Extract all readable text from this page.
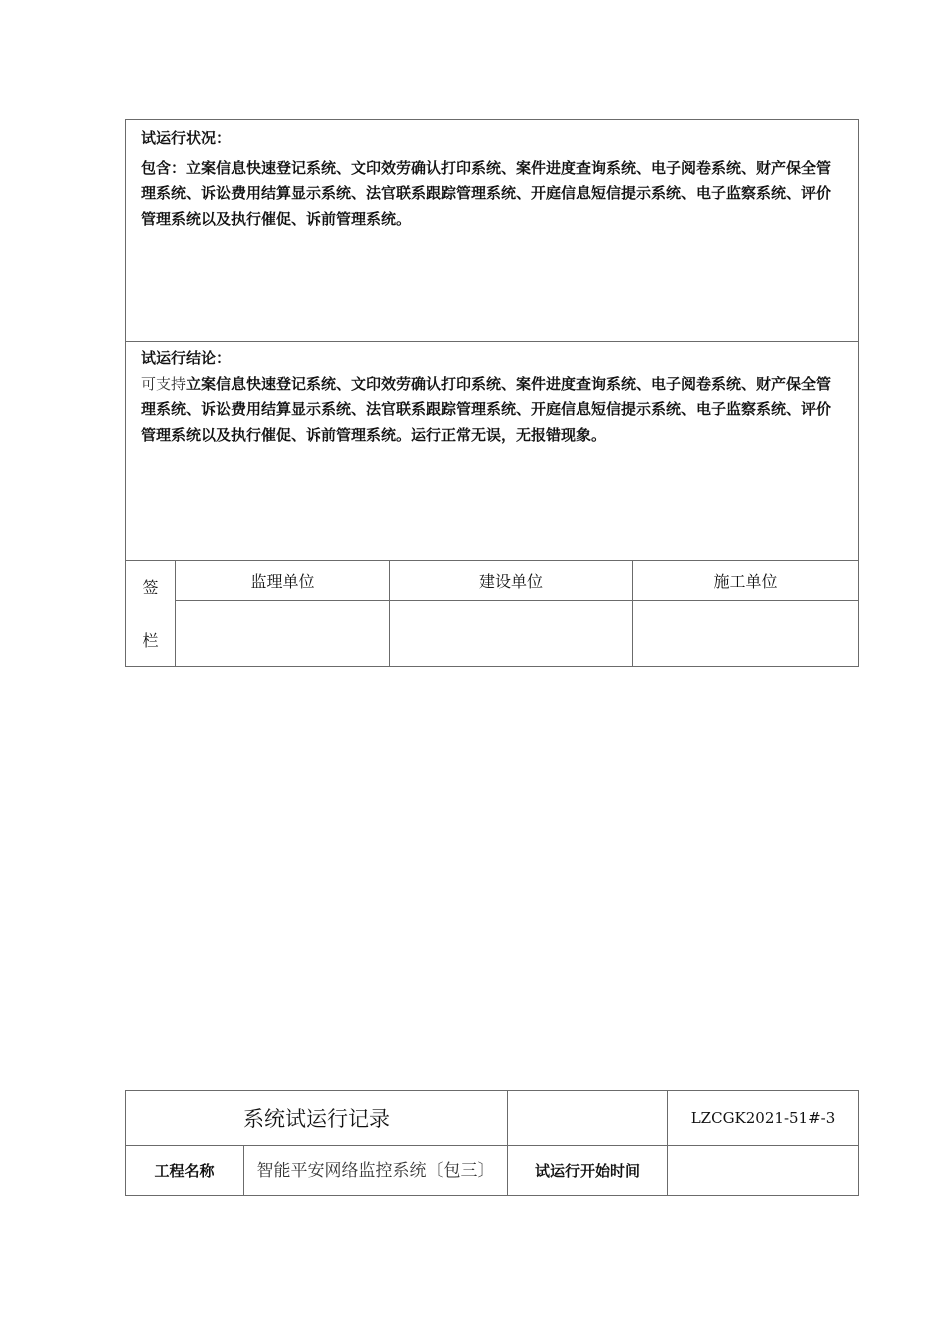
试运行状况：

包含：立案信息快速登记系统、文印效劳确认打印系统、案件进度查询系统、电子阅卷系统、财产保全管理系统、诉讼费用结算显示系统、法官联系跟踪管理系统、开庭信息短信提示系统、电子监察系统、评价管理系统以及执行催促、诉前管理系统。			

试运行结论：

可支持立案信息快速登记系统、文印效劳确认打印系统、案件进度查询系统、电子阅卷系统、财产保全管理系统、诉讼费用结算显示系统、法官联系跟踪管理系统、开庭信息短信提示系统、电子监察系统、评价管理系统以及执行催促、诉前管理系统。运行正常无误，无报错现象。			

签
栏	监理单位	建设单位	施工单位

系统试运行记录			LZCGK2021-51#-3
工程名称	智能平安网络监控系统〔包三〕	试运行开始时间	
